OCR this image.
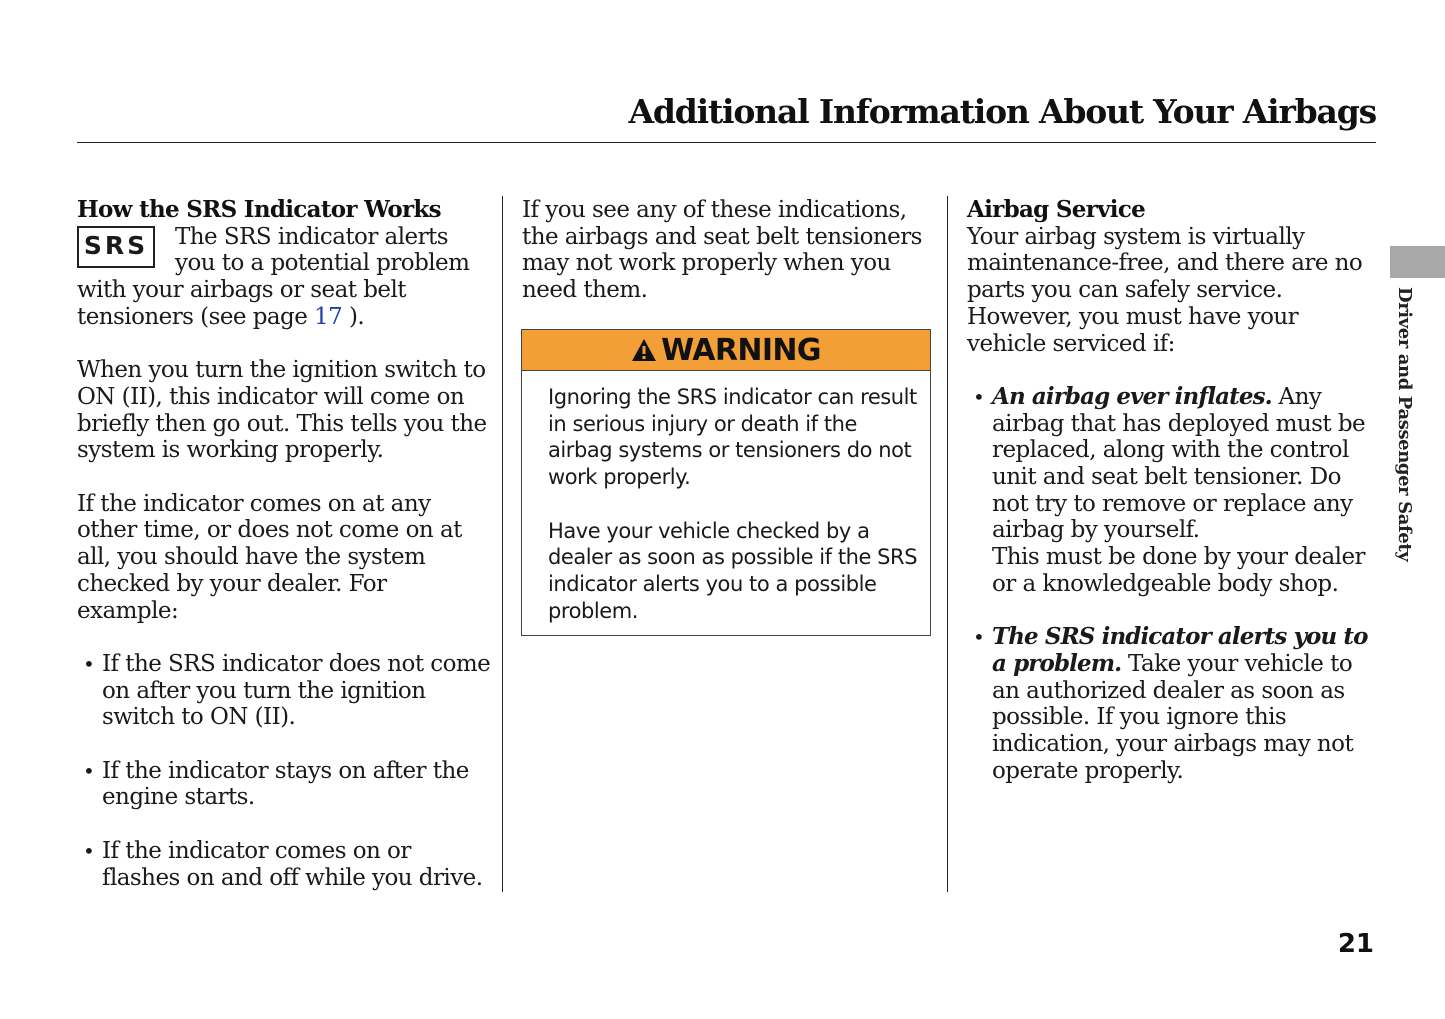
Additional Information About Your Airbags
How the SRS Indicator Works
SRS The SRS indicator alerts you to a potential problem with your airbags or seat belt tensioners (see page 17 ).

When you turn the ignition switch to ON (II), this indicator will come on briefly then go out. This tells you the system is working properly.

If the indicator comes on at any other time, or does not come on at all, you should have the system checked by your dealer. For example:

• If the SRS indicator does not come on after you turn the ignition switch to ON (II).
• If the indicator stays on after the engine starts.
• If the indicator comes on or flashes on and off while you drive.

If you see any of these indications, the airbags and seat belt tensioners may not work properly when you need them.

WARNING

Ignoring the SRS indicator can result in serious injury or death if the airbag systems or tensioners do not work properly.

Have your vehicle checked by a dealer as soon as possible if the SRS indicator alerts you to a possible problem.

Airbag Service

Your airbag system is virtually maintenance-free, and there are no parts you can safely service. However, you must have your vehicle serviced if:

• An airbag ever inflates. Any airbag that has deployed must be replaced, along with the control unit and seat belt tensioner. Do not try to remove or replace any airbag by yourself.
This must be done by your dealer or a knowledgeable body shop.
• The SRS indicator alerts you to a problem. Take your vehicle to an authorized dealer as soon as possible. If you ignore this indication, your airbags may not operate properly.
Driver and Passenger Safety
21
